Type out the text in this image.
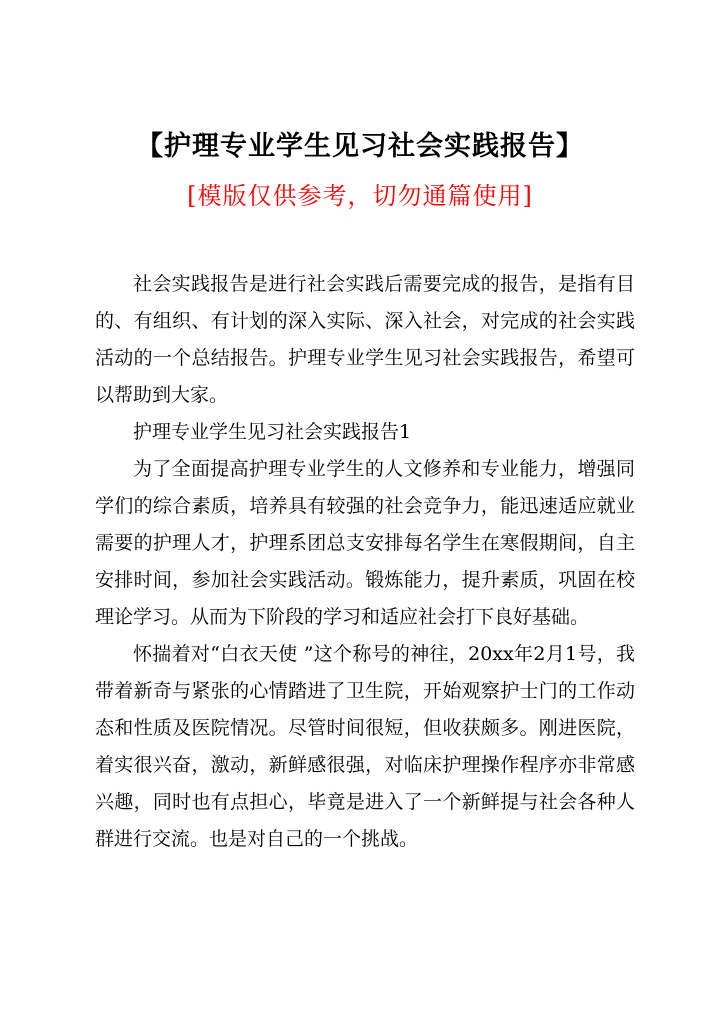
【护理专业学生见习社会实践报告】
[模版仅供参考，切勿通篇使用]

社会实践报告是进行社会实践后需要完成的报告，是指有目的、有组织、有计划的深入实际、深入社会，对完成的社会实践活动的一个总结报告。护理专业学生见习社会实践报告，希望可以帮助到大家。

护理专业学生见习社会实践报告1

为了全面提高护理专业学生的人文修养和专业能力，增强同学们的综合素质，培养具有较强的社会竞争力，能迅速适应就业需要的护理人才，护理系团总支安排每名学生在寒假期间，自主安排时间，参加社会实践活动。锻炼能力，提升素质，巩固在校理论学习。从而为下阶段的学习和适应社会打下良好基础。

怀揣着对“白衣天使 ”这个称号的神往，20xx年2月1号，我带着新奇与紧张的心情踏进了卫生院，开始观察护士门的工作动态和性质及医院情况。尽管时间很短，但收获颇多。刚进医院，着实很兴奋，激动，新鲜感很强，对临床护理操作程序亦非常感兴趣，同时也有点担心，毕竟是进入了一个新鲜提与社会各种人群进行交流。也是对自己的一个挑战。
